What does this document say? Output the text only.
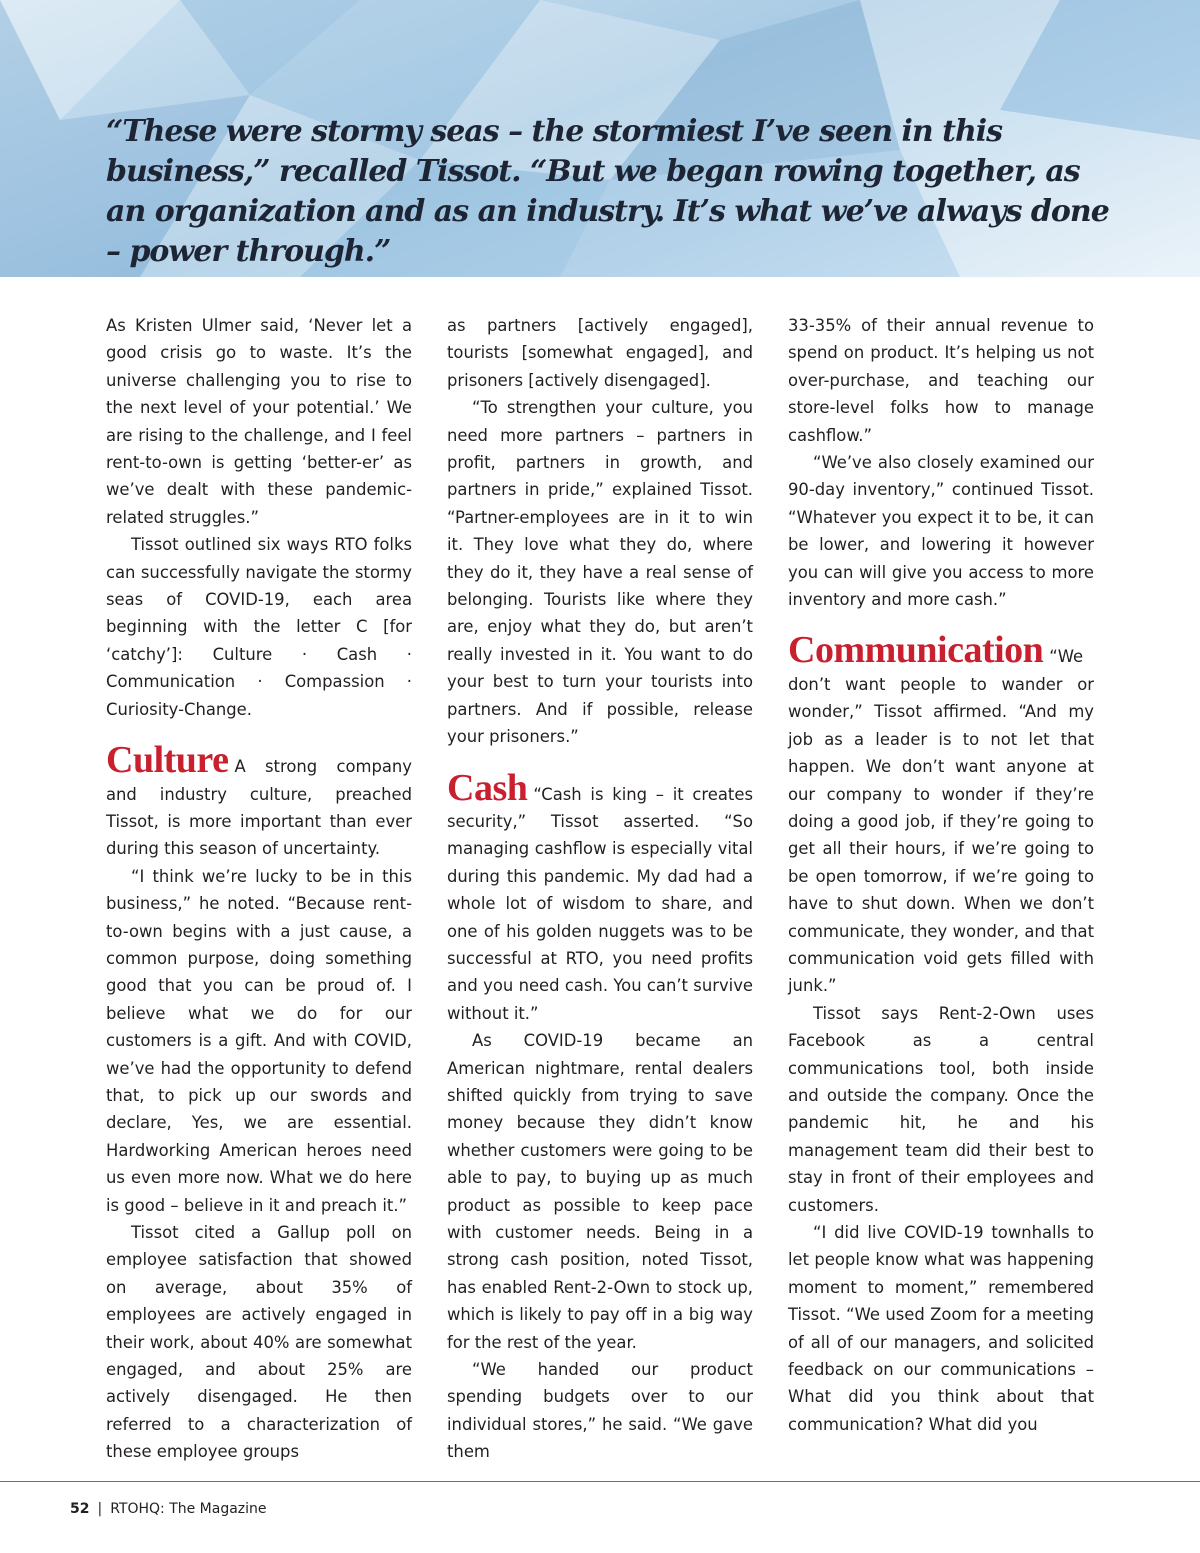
“These were stormy seas – the stormiest I’ve seen in this business,” recalled Tissot. “But we began rowing together, as an organization and as an industry. It’s what we’ve always done – power through.”

As Kristen Ulmer said, ‘Never let a good crisis go to waste. It’s the universe challenging you to rise to the next level of your potential.’ We are rising to the challenge, and I feel rent-to-own is getting ‘better-er’ as we’ve dealt with these pandemic-related struggles.”

Tissot outlined six ways RTO folks can successfully navigate the stormy seas of COVID-19, each area beginning with the letter C [for ‘catchy’]: Culture · Cash · Communication · Compassion · Curiosity-Change.

Culture A strong company and industry culture, preached Tissot, is more important than ever during this season of uncertainty.

“I think we’re lucky to be in this business,” he noted. “Because rent-to-own begins with a just cause, a common purpose, doing something good that you can be proud of. I believe what we do for our customers is a gift. And with COVID, we’ve had the opportunity to defend that, to pick up our swords and declare, Yes, we are essential. Hardworking American heroes need us even more now. What we do here is good – believe in it and preach it.”

Tissot cited a Gallup poll on employee satisfaction that showed on average, about 35% of employees are actively engaged in their work, about 40% are somewhat engaged, and about 25% are actively disengaged. He then referred to a characterization of these employee groups

as partners [actively engaged], tourists [somewhat engaged], and prisoners [actively disengaged].

“To strengthen your culture, you need more partners – partners in profit, partners in growth, and partners in pride,” explained Tissot. “Partner-employees are in it to win it. They love what they do, where they do it, they have a real sense of belonging. Tourists like where they are, enjoy what they do, but aren’t really invested in it. You want to do your best to turn your tourists into partners. And if possible, release your prisoners.”

Cash “Cash is king – it creates security,” Tissot asserted. “So managing cashflow is especially vital during this pandemic. My dad had a whole lot of wisdom to share, and one of his golden nuggets was to be successful at RTO, you need profits and you need cash. You can’t survive without it.”

As COVID-19 became an American nightmare, rental dealers shifted quickly from trying to save money because they didn’t know whether customers were going to be able to pay, to buying up as much product as possible to keep pace with customer needs. Being in a strong cash position, noted Tissot, has enabled Rent-2-Own to stock up, which is likely to pay off in a big way for the rest of the year.

“We handed our product spending budgets over to our individual stores,” he said. “We gave them

33-35% of their annual revenue to spend on product. It’s helping us not over-purchase, and teaching our store-level folks how to manage cashflow.”

“We’ve also closely examined our 90-day inventory,” continued Tissot. “Whatever you expect it to be, it can be lower, and lowering it however you can will give you access to more inventory and more cash.”

Communication “We don’t want people to wander or wonder,” Tissot affirmed. “And my job as a leader is to not let that happen. We don’t want anyone at our company to wonder if they’re doing a good job, if they’re going to get all their hours, if we’re going to be open tomorrow, if we’re going to have to shut down. When we don’t communicate, they wonder, and that communication void gets filled with junk.”

Tissot says Rent-2-Own uses Facebook as a central communications tool, both inside and outside the company. Once the pandemic hit, he and his management team did their best to stay in front of their employees and customers.

“I did live COVID-19 townhalls to let people know what was happening moment to moment,” remembered Tissot. “We used Zoom for a meeting of all of our managers, and solicited feedback on our communications – What did you think about that communication? What did you

52 | RTOHQ: The Magazine
